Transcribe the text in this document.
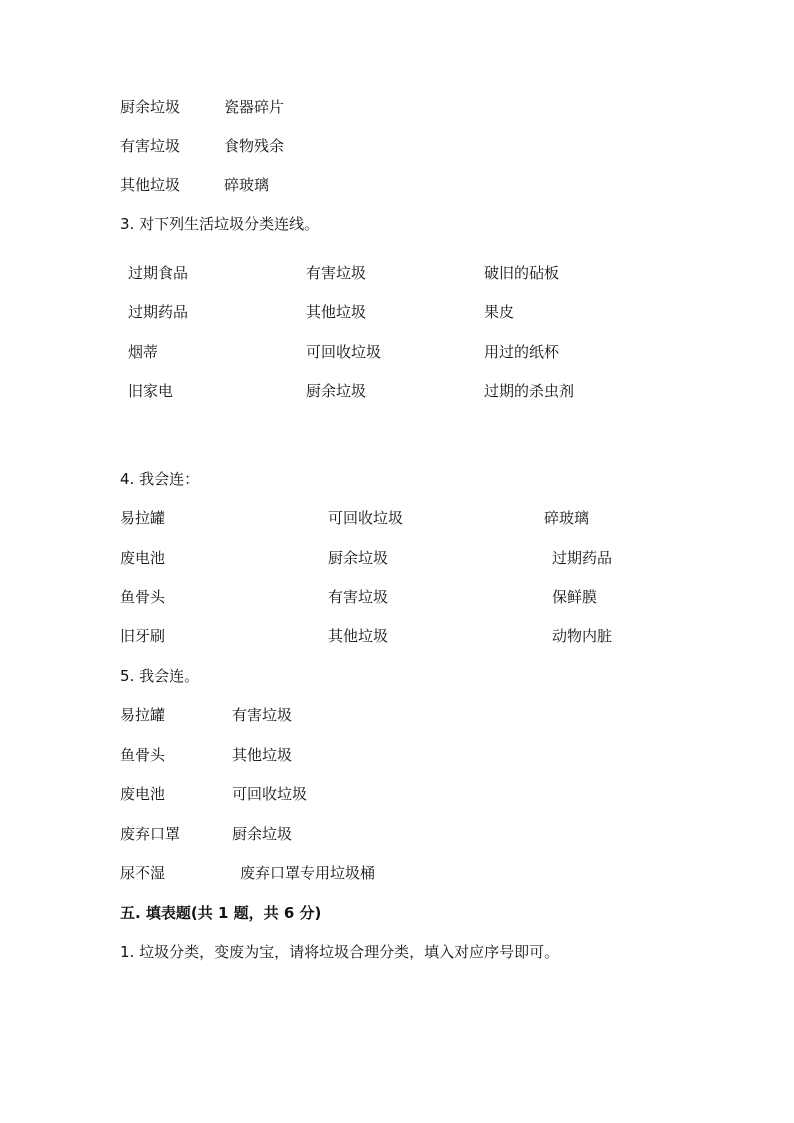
厨余垃圾	瓷器碎片
有害垃圾	食物残余
其他垃圾	碎玻璃
3. 对下列生活垃圾分类连线。
过期食品	有害垃圾	破旧的砧板
过期药品	其他垃圾	果皮
烟蒂	可回收垃圾	用过的纸杯
旧家电	厨余垃圾	过期的杀虫剂
4. 我会连：
易拉罐	可回收垃圾	碎玻璃
废电池	厨余垃圾	过期药品
鱼骨头	有害垃圾	保鲜膜
旧牙刷	其他垃圾	动物内脏
5. 我会连。
易拉罐	有害垃圾
鱼骨头	其他垃圾
废电池	可回收垃圾
废弃口罩	厨余垃圾
尿不湿	废弃口罩专用垃圾桶
五. 填表题(共 1 题，共 6 分)
1. 垃圾分类，变废为宝，请将垃圾合理分类，填入对应序号即可。
